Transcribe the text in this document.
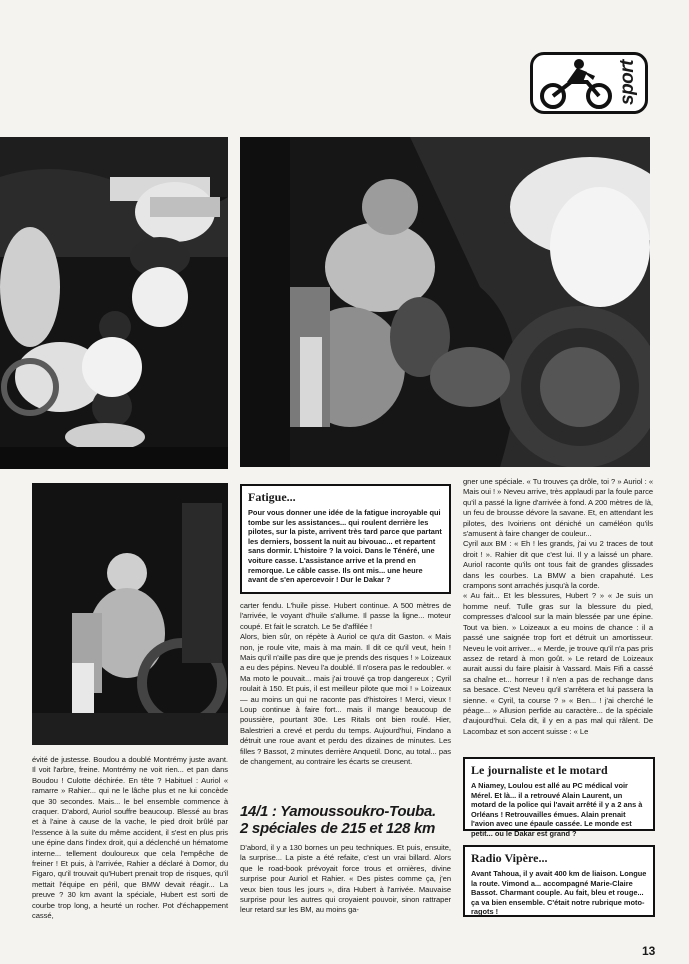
sport
Fatigue...
Pour vous donner une idée de la fatigue incroyable qui tombe sur les assistances... qui roulent derrière les pilotes, sur la piste, arrivent très tard parce que partant les derniers, bossent la nuit au bivouac... et repartent sans dormir. L'histoire ? la voici. Dans le Ténéré, une voiture casse. L'assistance arrive et la prend en remorque. Le câble casse. Ils ont mis... une heure avant de s'en apercevoir ! Dur le Dakar ?

évité de justesse. Boudou a doublé Montrémy juste avant. Il voit l'arbre, freine. Montrémy ne voit rien... et pan dans Boudou ! Culotte déchirée. En tête ? Habituel : Auriol « ramarre » Rahier... qui ne le lâche plus et ne lui concède que 30 secondes. Mais... le bel ensemble commence à craquer. D'abord, Auriol souffre beaucoup. Blessé au bras et à l'aine à cause de la vache, le pied droit brûlé par l'essence à la suite du même accident, il s'est en plus pris une épine dans l'index droit, qui a déclenché un hématome interne... tellement douloureux que cela l'empêche de freiner ! Et puis, à l'arrivée, Rahier a déclaré à Domor, du Figaro, qu'il trouvait qu'Hubert prenait trop de risques, qu'il mettait l'équipe en péril, que BMW devait réagir... La preuve ? 30 km avant la spéciale, Hubert est sorti de courbe trop long, a heurté un rocher. Pot d'échappement cassé,

carter fendu. L'huile pisse. Hubert continue. A 500 mètres de l'arrivée, le voyant d'huile s'allume. Il passe la ligne... moteur coupé. Et fait le scratch. Le 5e d'affilée !
Alors, bien sûr, on répète à Auriol ce qu'a dit Gaston. « Mais non, je roule vite, mais à ma main. Il dit ce qu'il veut, hein ! Mais qu'il n'aille pas dire que je prends des risques ! » Loizeaux a eu des pépins. Neveu l'a doublé. Il n'osera pas le redoubler. « Ma moto le pouvait... mais j'ai trouvé ça trop dangereux ; Cyril roulait à 150. Et puis, il est meilleur pilote que moi ! » Loizeaux — au moins un qui ne raconte pas d'histoires ! Merci, vieux ! Loup continue à faire fort... mais il mange beaucoup de poussière, pourtant 30e. Les Ritals ont bien roulé. Hier, Balestrieri a crevé et perdu du temps. Aujourd'hui, Findano a détruit une roue avant et perdu des dizaines de minutes. Les filles ? Bassot, 2 minutes derrière Anquetil. Donc, au total... pas de changement, au contraire les écarts se creusent.

14/1 : Yamoussoukro-Touba.
2 spéciales de 215 et 128 km

D'abord, il y a 130 bornes un peu techniques. Et puis, ensuite, la surprise... La piste a été refaite, c'est un vrai billard. Alors que le road-book prévoyait force trous et ornières, divine surprise pour Auriol et Rahier. « Des pistes comme ça, j'en veux bien tous les jours », dira Hubert à l'arrivée. Mauvaise surprise pour les autres qui croyaient pouvoir, sinon rattraper leur retard sur les BM, au moins ga-

gner une spéciale. « Tu trouves ça drôle, toi ? » Auriol : « Mais oui ! » Neveu arrive, très applaudi par la foule parce qu'il a passé la ligne d'arrivée à fond. A 200 mètres de là, un feu de brousse dévore la savane. Et, en attendant les pilotes, des Ivoiriens ont déniché un caméléon qu'ils s'amusent à faire changer de couleur...
Cyril aux BM : « Eh ! les grands, j'ai vu 2 traces de tout droit ! ». Rahier dit que c'est lui. Il y a laissé un phare. Auriol raconte qu'ils ont tous fait de grandes glissades dans les courbes. La BMW a bien crapahuté. Les crampons sont arrachés jusqu'à la corde.
« Au fait... Et les blessures, Hubert ? » « Je suis un homme neuf. Tulle gras sur la blessure du pied, compresses d'alcool sur la main blessée par une épine. Tout va bien. » Loizeaux a eu moins de chance : il a passé une saignée trop fort et détruit un amortisseur. Neveu le voit arriver... « Merde, je trouve qu'il n'a pas pris assez de retard à mon goût. » Le retard de Loizeaux aurait aussi du faire plaisir à Vassard. Mais Fifi a cassé sa chaîne et... horreur ! il n'en a pas de rechange dans sa besace. C'est Neveu qu'il s'arrêtera et lui passera la sienne. « Cyril, ta course ? » « Ben... ! j'ai cherché le péage... » Allusion perfide au caractère... de la spéciale d'aujourd'hui. Cela dit, il y en a pas mal qui râlent. De Lacombaz et son accent suisse : « Le

Le journaliste et le motard
A Niamey, Loulou est allé au PC médical voir Mérel. Et là... il a retrouvé Alain Laurent, un motard de la police qui l'avait arrêté il y a 2 ans à Orléans ! Retrouvailles émues. Alain prenait l'avion avec une épaule cassée. Le monde est petit... ou le Dakar est grand ?
Radio Vipère...
Avant Tahoua, il y avait 400 km de liaison. Longue la route. Vimond a... accompagné Marie-Claire Bassot. Charmant couple. Au fait, bleu et rouge... ça va bien ensemble. C'était notre rubrique moto-ragots !
13
